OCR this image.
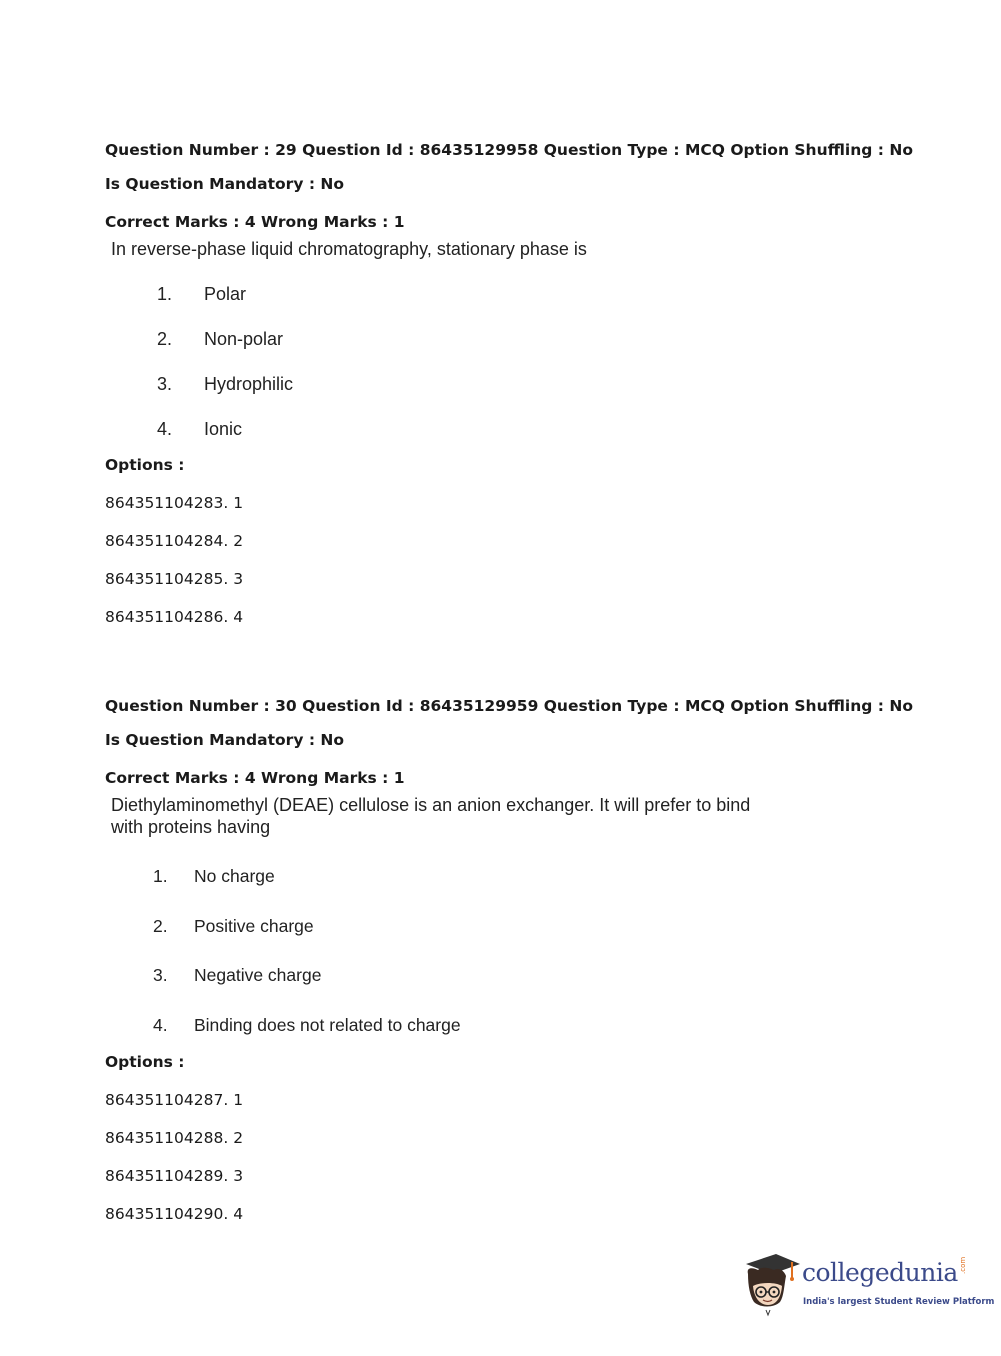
Question Number : 29 Question Id : 86435129958 Question Type : MCQ Option Shuffling : No
Is Question Mandatory : No
Correct Marks : 4 Wrong Marks : 1
In reverse-phase liquid chromatography, stationary phase is
1. Polar
2. Non-polar
3. Hydrophilic
4. Ionic
Options :
864351104283. 1
864351104284. 2
864351104285. 3
864351104286. 4
Question Number : 30 Question Id : 86435129959 Question Type : MCQ Option Shuffling : No
Is Question Mandatory : No
Correct Marks : 4 Wrong Marks : 1
Diethylaminomethyl (DEAE) cellulose is an anion exchanger. It will prefer to bind with proteins having
1. No charge
2. Positive charge
3. Negative charge
4. Binding does not related to charge
Options :
864351104287. 1
864351104288. 2
864351104289. 3
864351104290. 4
collegedunia .com
India's largest Student Review Platform
